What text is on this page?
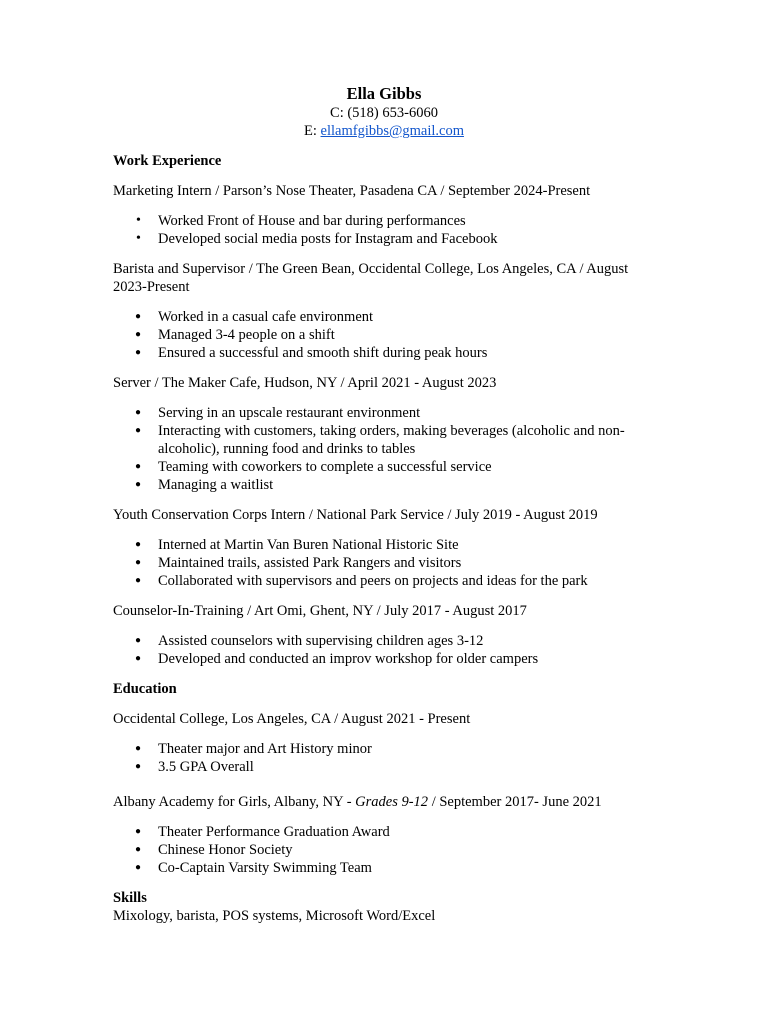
Ella Gibbs
C: (518) 653-6060
E: ellamfgibbs@gmail.com
Work Experience
Marketing Intern / Parson’s Nose Theater, Pasadena CA / September 2024-Present
• Worked Front of House and bar during performances
• Developed social media posts for Instagram and Facebook
Barista and Supervisor / The Green Bean, Occidental College, Los Angeles, CA / August 2023-Present
● Worked in a casual cafe environment
● Managed 3-4 people on a shift
● Ensured a successful and smooth shift during peak hours
Server / The Maker Cafe, Hudson, NY / April 2021 - August 2023
● Serving in an upscale restaurant environment
● Interacting with customers, taking orders, making beverages (alcoholic and non-alcoholic), running food and drinks to tables
● Teaming with coworkers to complete a successful service
● Managing a waitlist
Youth Conservation Corps Intern / National Park Service / July 2019 - August 2019
● Interned at Martin Van Buren National Historic Site
● Maintained trails, assisted Park Rangers and visitors
● Collaborated with supervisors and peers on projects and ideas for the park
Counselor-In-Training / Art Omi, Ghent, NY / July 2017 - August 2017
● Assisted counselors with supervising children ages 3-12
● Developed and conducted an improv workshop for older campers
Education
Occidental College, Los Angeles, CA / August 2021 - Present
● Theater major and Art History minor
● 3.5 GPA Overall
Albany Academy for Girls, Albany, NY - Grades 9-12 / September 2017- June 2021
● Theater Performance Graduation Award
● Chinese Honor Society
● Co-Captain Varsity Swimming Team
Skills
Mixology, barista, POS systems, Microsoft Word/Excel
